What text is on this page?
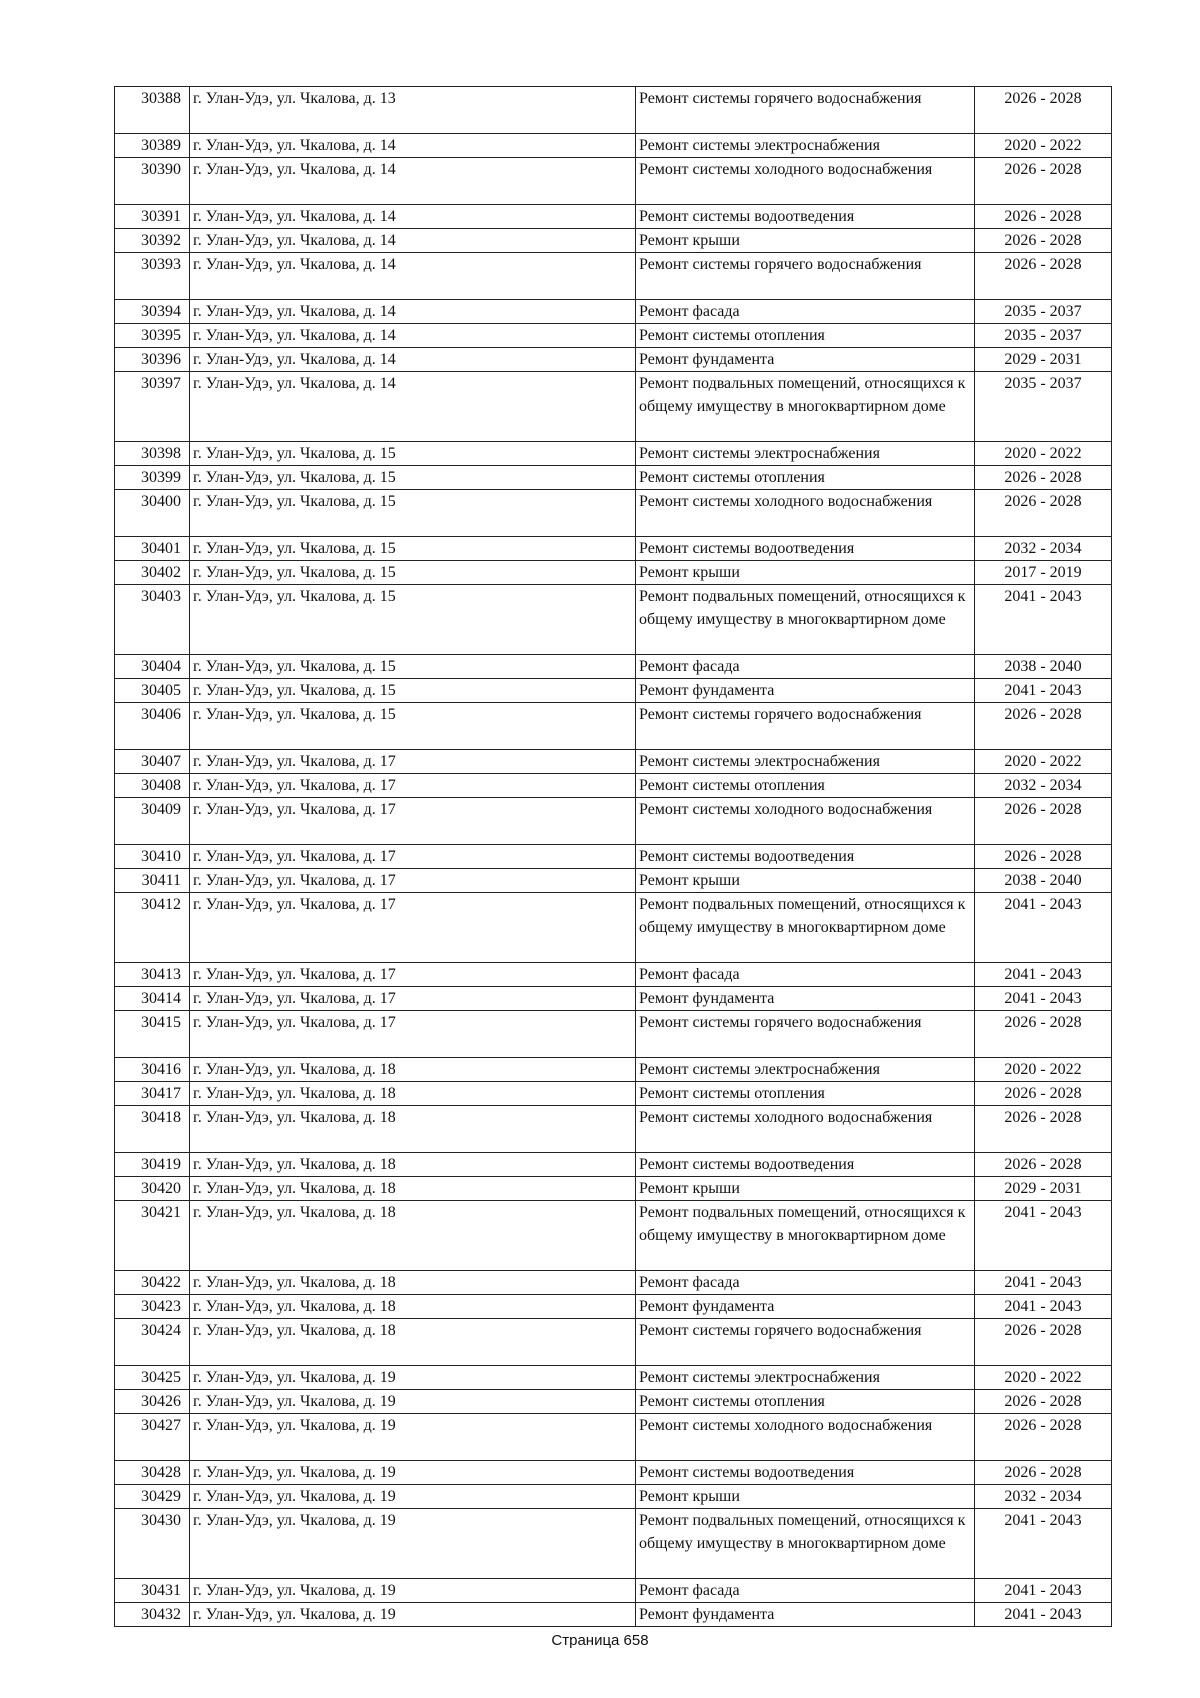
30388	г. Улан-Удэ, ул. Чкалова, д. 13	Ремонт системы горячего водоснабжения	2026 - 2028
30389	г. Улан-Удэ, ул. Чкалова, д. 14	Ремонт системы электроснабжения	2020 - 2022
30390	г. Улан-Удэ, ул. Чкалова, д. 14	Ремонт системы холодного водоснабжения	2026 - 2028
30391	г. Улан-Удэ, ул. Чкалова, д. 14	Ремонт системы водоотведения	2026 - 2028
30392	г. Улан-Удэ, ул. Чкалова, д. 14	Ремонт крыши	2026 - 2028
30393	г. Улан-Удэ, ул. Чкалова, д. 14	Ремонт системы горячего водоснабжения	2026 - 2028
30394	г. Улан-Удэ, ул. Чкалова, д. 14	Ремонт фасада	2035 - 2037
30395	г. Улан-Удэ, ул. Чкалова, д. 14	Ремонт системы отопления	2035 - 2037
30396	г. Улан-Удэ, ул. Чкалова, д. 14	Ремонт фундамента	2029 - 2031
30397	г. Улан-Удэ, ул. Чкалова, д. 14	Ремонт подвальных помещений, относящихся к общему имуществу в многоквартирном доме	2035 - 2037
30398	г. Улан-Удэ, ул. Чкалова, д. 15	Ремонт системы электроснабжения	2020 - 2022
30399	г. Улан-Удэ, ул. Чкалова, д. 15	Ремонт системы отопления	2026 - 2028
30400	г. Улан-Удэ, ул. Чкалова, д. 15	Ремонт системы холодного водоснабжения	2026 - 2028
30401	г. Улан-Удэ, ул. Чкалова, д. 15	Ремонт системы водоотведения	2032 - 2034
30402	г. Улан-Удэ, ул. Чкалова, д. 15	Ремонт крыши	2017 - 2019
30403	г. Улан-Удэ, ул. Чкалова, д. 15	Ремонт подвальных помещений, относящихся к общему имуществу в многоквартирном доме	2041 - 2043
30404	г. Улан-Удэ, ул. Чкалова, д. 15	Ремонт фасада	2038 - 2040
30405	г. Улан-Удэ, ул. Чкалова, д. 15	Ремонт фундамента	2041 - 2043
30406	г. Улан-Удэ, ул. Чкалова, д. 15	Ремонт системы горячего водоснабжения	2026 - 2028
30407	г. Улан-Удэ, ул. Чкалова, д. 17	Ремонт системы электроснабжения	2020 - 2022
30408	г. Улан-Удэ, ул. Чкалова, д. 17	Ремонт системы отопления	2032 - 2034
30409	г. Улан-Удэ, ул. Чкалова, д. 17	Ремонт системы холодного водоснабжения	2026 - 2028
30410	г. Улан-Удэ, ул. Чкалова, д. 17	Ремонт системы водоотведения	2026 - 2028
30411	г. Улан-Удэ, ул. Чкалова, д. 17	Ремонт крыши	2038 - 2040
30412	г. Улан-Удэ, ул. Чкалова, д. 17	Ремонт подвальных помещений, относящихся к общему имуществу в многоквартирном доме	2041 - 2043
30413	г. Улан-Удэ, ул. Чкалова, д. 17	Ремонт фасада	2041 - 2043
30414	г. Улан-Удэ, ул. Чкалова, д. 17	Ремонт фундамента	2041 - 2043
30415	г. Улан-Удэ, ул. Чкалова, д. 17	Ремонт системы горячего водоснабжения	2026 - 2028
30416	г. Улан-Удэ, ул. Чкалова, д. 18	Ремонт системы электроснабжения	2020 - 2022
30417	г. Улан-Удэ, ул. Чкалова, д. 18	Ремонт системы отопления	2026 - 2028
30418	г. Улан-Удэ, ул. Чкалова, д. 18	Ремонт системы холодного водоснабжения	2026 - 2028
30419	г. Улан-Удэ, ул. Чкалова, д. 18	Ремонт системы водоотведения	2026 - 2028
30420	г. Улан-Удэ, ул. Чкалова, д. 18	Ремонт крыши	2029 - 2031
30421	г. Улан-Удэ, ул. Чкалова, д. 18	Ремонт подвальных помещений, относящихся к общему имуществу в многоквартирном доме	2041 - 2043
30422	г. Улан-Удэ, ул. Чкалова, д. 18	Ремонт фасада	2041 - 2043
30423	г. Улан-Удэ, ул. Чкалова, д. 18	Ремонт фундамента	2041 - 2043
30424	г. Улан-Удэ, ул. Чкалова, д. 18	Ремонт системы горячего водоснабжения	2026 - 2028
30425	г. Улан-Удэ, ул. Чкалова, д. 19	Ремонт системы электроснабжения	2020 - 2022
30426	г. Улан-Удэ, ул. Чкалова, д. 19	Ремонт системы отопления	2026 - 2028
30427	г. Улан-Удэ, ул. Чкалова, д. 19	Ремонт системы холодного водоснабжения	2026 - 2028
30428	г. Улан-Удэ, ул. Чкалова, д. 19	Ремонт системы водоотведения	2026 - 2028
30429	г. Улан-Удэ, ул. Чкалова, д. 19	Ремонт крыши	2032 - 2034
30430	г. Улан-Удэ, ул. Чкалова, д. 19	Ремонт подвальных помещений, относящихся к общему имуществу в многоквартирном доме	2041 - 2043
30431	г. Улан-Удэ, ул. Чкалова, д. 19	Ремонт фасада	2041 - 2043
30432	г. Улан-Удэ, ул. Чкалова, д. 19	Ремонт фундамента	2041 - 2043
Страница 658
